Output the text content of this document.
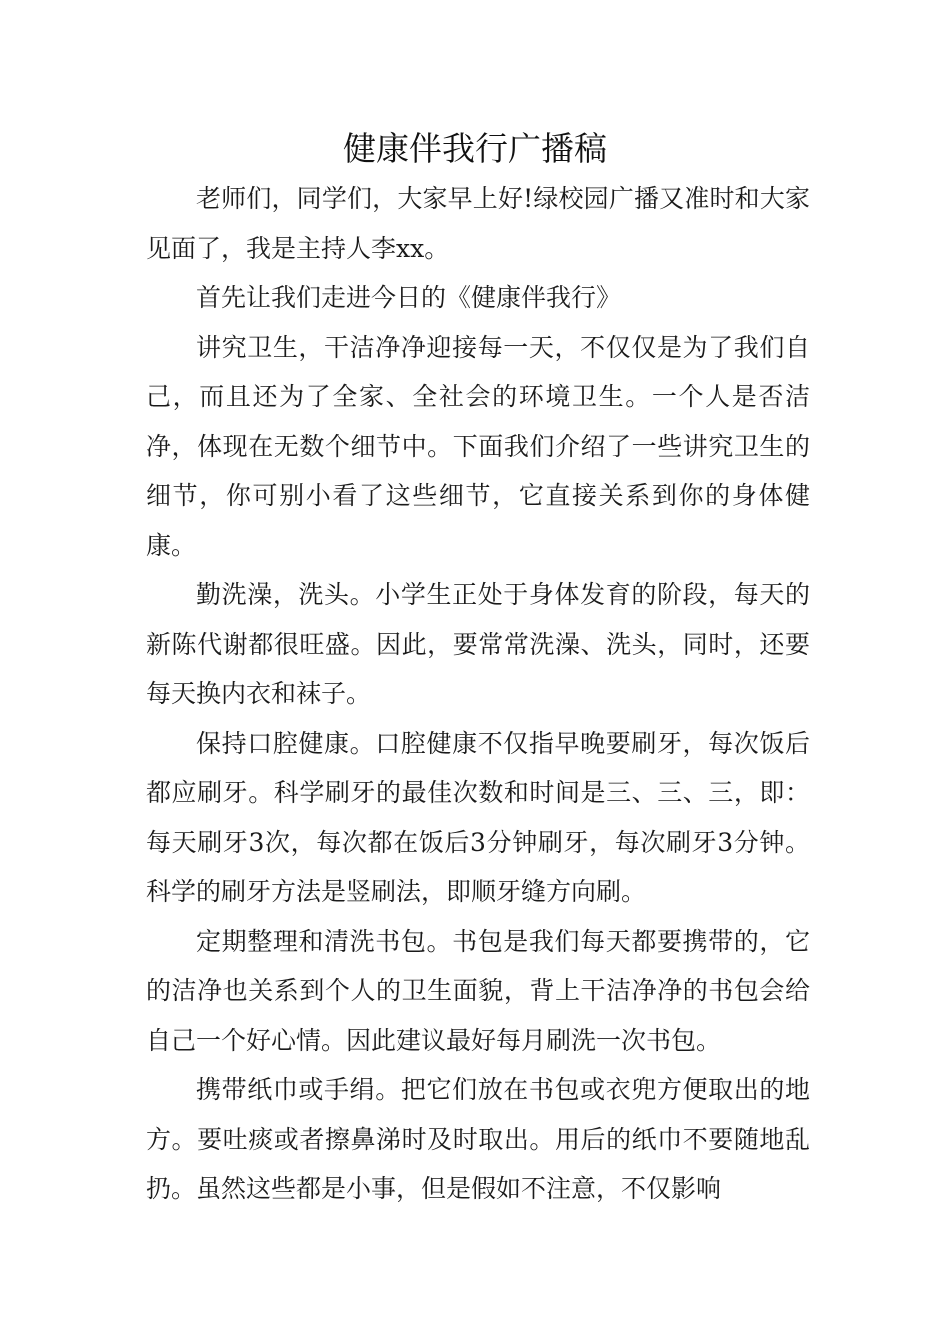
健康伴我行广播稿

老师们，同学们，大家早上好!绿校园广播又准时和大家见面了，我是主持人李xx。

首先让我们走进今日的《健康伴我行》

讲究卫生，干洁净净迎接每一天，不仅仅是为了我们自己，而且还为了全家、全社会的环境卫生。一个人是否洁净，体现在无数个细节中。下面我们介绍了一些讲究卫生的细节，你可别小看了这些细节，它直接关系到你的身体健康。

勤洗澡，洗头。小学生正处于身体发育的阶段，每天的新陈代谢都很旺盛。因此，要常常洗澡、洗头，同时，还要每天换内衣和袜子。

保持口腔健康。口腔健康不仅指早晚要刷牙，每次饭后都应刷牙。科学刷牙的最佳次数和时间是三、三、三，即：每天刷牙3次，每次都在饭后3分钟刷牙，每次刷牙3分钟。科学的刷牙方法是竖刷法，即顺牙缝方向刷。

定期整理和清洗书包。书包是我们每天都要携带的，它的洁净也关系到个人的卫生面貌，背上干洁净净的书包会给自己一个好心情。因此建议最好每月刷洗一次书包。

携带纸巾或手绢。把它们放在书包或衣兜方便取出的地方。要吐痰或者擦鼻涕时及时取出。用后的纸巾不要随地乱扔。虽然这些都是小事，但是假如不注意，不仅影响
